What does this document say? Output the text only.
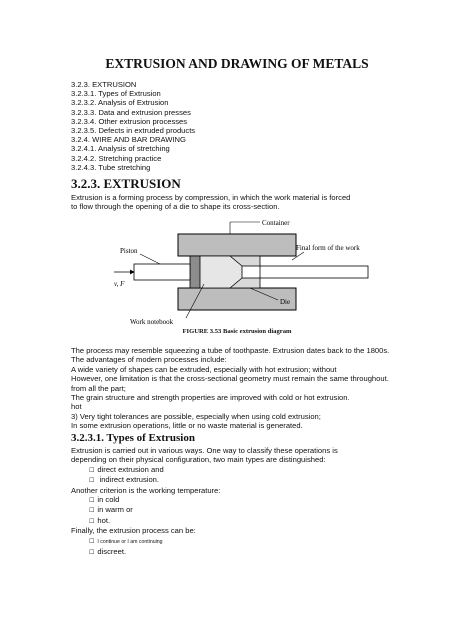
EXTRUSION AND DRAWING OF METALS
3.2.3. EXTRUSION
3.2.3.1. Types of Extrusion
3.2.3.2. Analysis of Extrusion
3.2.3.3. Data and extrusion presses
3.2.3.4. Other extrusion processes
3.2.3.5. Defects in extruded products
3.2.4. WIRE AND BAR DRAWING
3.2.4.1. Analysis of stretching
3.2.4.2. Stretching practice
3.2.4.3. Tube stretching
3.2.3. EXTRUSION
Extrusion is a forming process by compression, in which the work material is forced
to flow through the opening of a die to shape its cross-section.
Container
Piston	Final form of the work
v, F
Die
Work notebook
FIGURE 3.53 Basic extrusion diagram
The process may resemble squeezing a tube of toothpaste. Extrusion dates back to the 1800s.
The advantages of modern processes include:
A wide variety of shapes can be extruded, especially with hot extrusion; without
However, one limitation is that the cross-sectional geometry must remain the same throughout.
from all the part;
The grain structure and strength properties are improved with cold or hot extrusion.
hot
3) Very tight tolerances are possible, especially when using cold extrusion;
In some extrusion operations, little or no waste material is generated.
3.2.3.1. Types of Extrusion
Extrusion is carried out in various ways. One way to classify these operations is
depending on their physical configuration, two main types are distinguished:
☐ direct extrusion and
☐ indirect extrusion.
Another criterion is the working temperature:
☐ in cold
☐ in warm or
☐ hot.
Finally, the extrusion process can be:
☐ I continue or I am continuing
☐ discreet.
